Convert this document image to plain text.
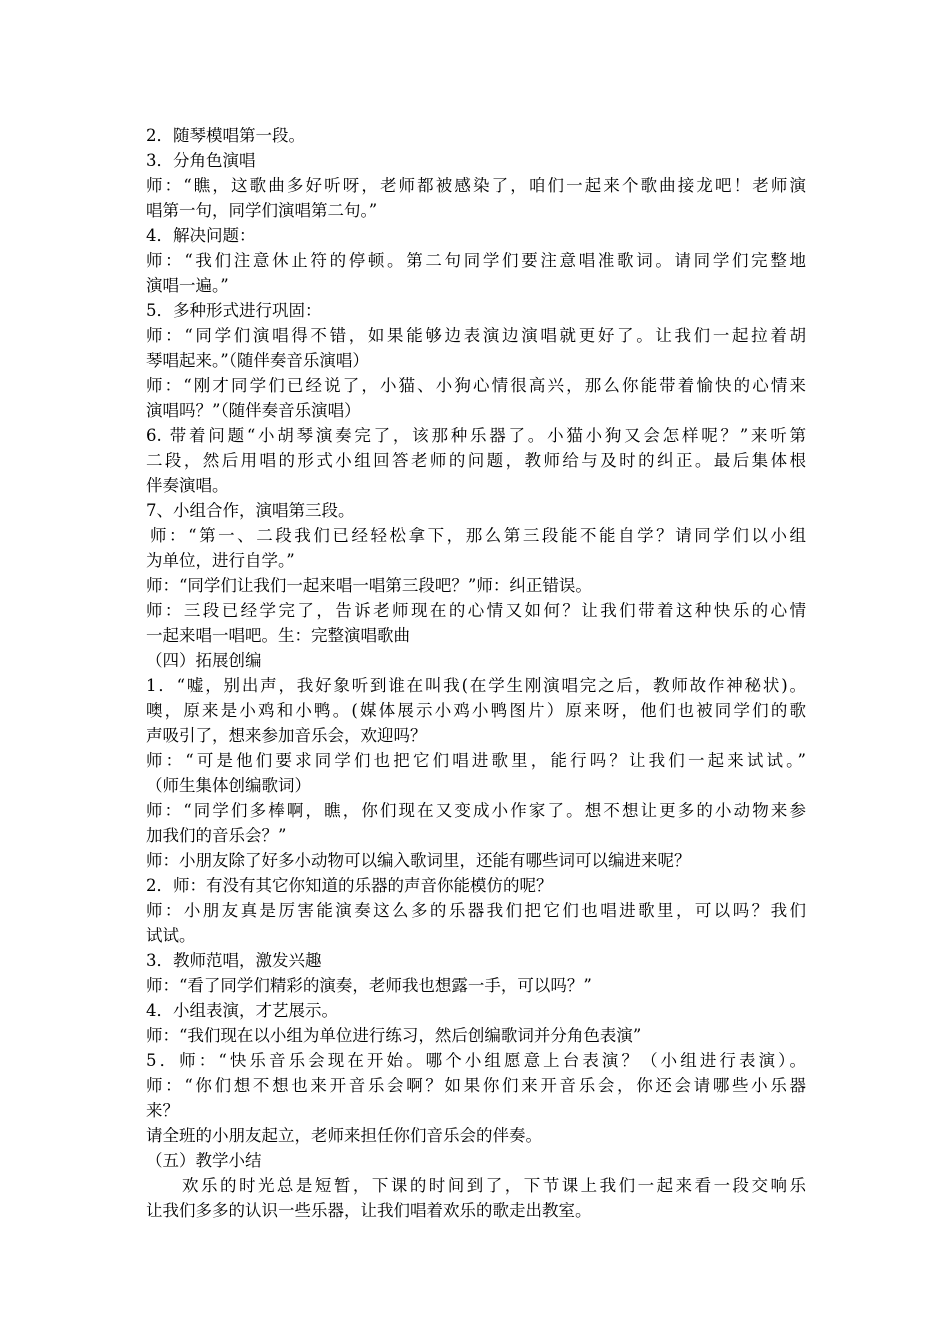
2．随琴模唱第一段。
3．分角色演唱
师：“瞧，这歌曲多好听呀，老师都被感染了，咱们一起来个歌曲接龙吧！老师演
唱第一句，同学们演唱第二句。”
4．解决问题：
师：“我们注意休止符的停顿。第二句同学们要注意唱准歌词。请同学们完整地
演唱一遍。”
5．多种形式进行巩固：
师：“同学们演唱得不错，如果能够边表演边演唱就更好了。让我们一起拉着胡
琴唱起来。”（随伴奏音乐演唱）
师：“刚才同学们已经说了，小猫、小狗心情很高兴，那么你能带着愉快的心情来
演唱吗？”（随伴奏音乐演唱）
6. 带着问题“小胡琴演奏完了，该那种乐器了。小猫小狗又会怎样呢？”来听第
二段，然后用唱的形式小组回答老师的问题，教师给与及时的纠正。最后集体根
伴奏演唱。
7、小组合作，演唱第三段。
师：“第一、二段我们已经轻松拿下，那么第三段能不能自学？请同学们以小组
为单位，进行自学。”
师：“同学们让我们一起来唱一唱第三段吧？”师：纠正错误。
师：三段已经学完了，告诉老师现在的心情又如何？让我们带着这种快乐的心情
一起来唱一唱吧。生：完整演唱歌曲
（四）拓展创编
1．“嘘，别出声，我好象听到谁在叫我(在学生刚演唱完之后，教师故作神秘状)。
噢，原来是小鸡和小鸭。(媒体展示小鸡小鸭图片）原来呀，他们也被同学们的歌
声吸引了，想来参加音乐会，欢迎吗？
师：“可是他们要求同学们也把它们唱进歌里，能行吗？让我们一起来试试。”
（师生集体创编歌词）
师：“同学们多棒啊，瞧，你们现在又变成小作家了。想不想让更多的小动物来参
加我们的音乐会？”
师：小朋友除了好多小动物可以编入歌词里，还能有哪些词可以编进来呢？
2．师：有没有其它你知道的乐器的声音你能模仿的呢？
师：小朋友真是厉害能演奏这么多的乐器我们把它们也唱进歌里，可以吗？我们
试试。
3．教师范唱，激发兴趣
师：“看了同学们精彩的演奏，老师我也想露一手，可以吗？”
4．小组表演，才艺展示。
师：“我们现在以小组为单位进行练习，然后创编歌词并分角色表演”
5．师：“快乐音乐会现在开始。哪个小组愿意上台表演？（小组进行表演）。
师：“你们想不想也来开音乐会啊？如果你们来开音乐会，你还会请哪些小乐器
来？
请全班的小朋友起立，老师来担任你们音乐会的伴奏。
（五）教学小结
欢乐的时光总是短暂，下课的时间到了，下节课上我们一起来看一段交响乐
让我们多多的认识一些乐器，让我们唱着欢乐的歌走出教室。
